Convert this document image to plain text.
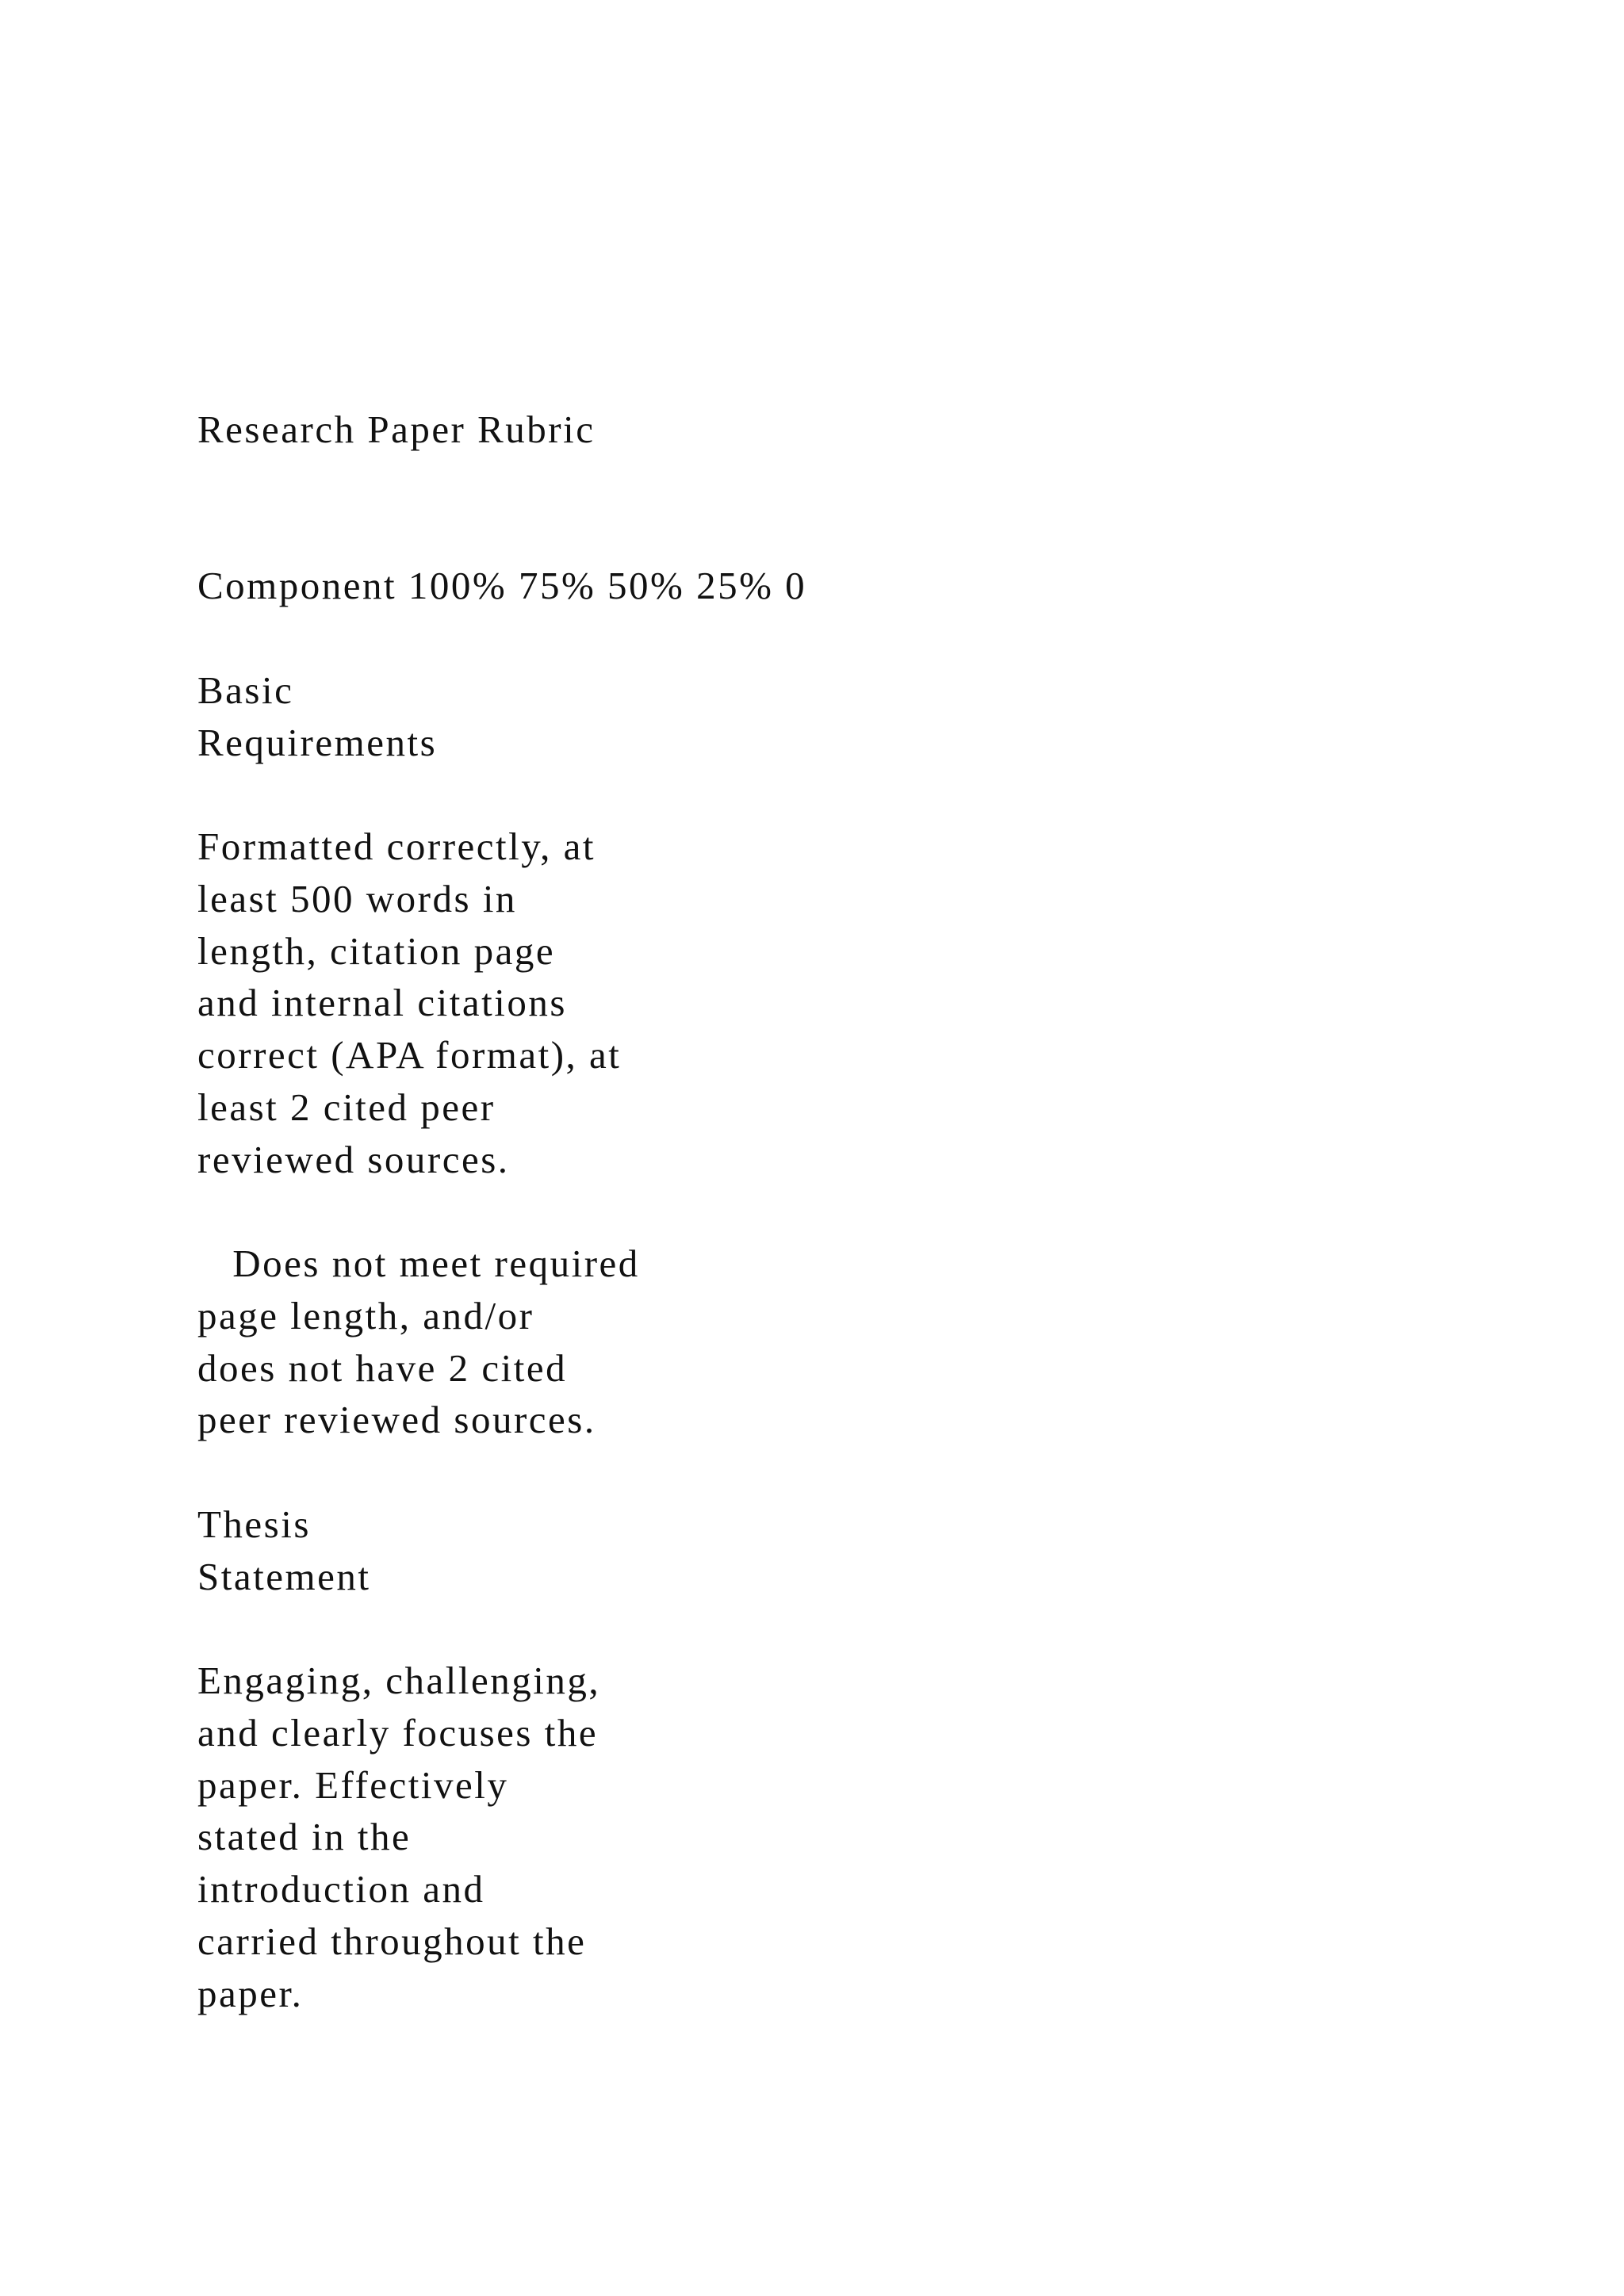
Research Paper Rubric

Component 100% 75% 50% 25% 0

Basic
Requirements

Formatted correctly, at
least 500 words in
length, citation page
and internal citations
correct (APA format), at
least 2 cited peer
reviewed sources.

Does not meet required
page length, and/or
does not have 2 cited
peer reviewed sources.

Thesis
Statement

Engaging, challenging,
and clearly focuses the
paper. Effectively
stated in the
introduction and
carried throughout the
paper.
